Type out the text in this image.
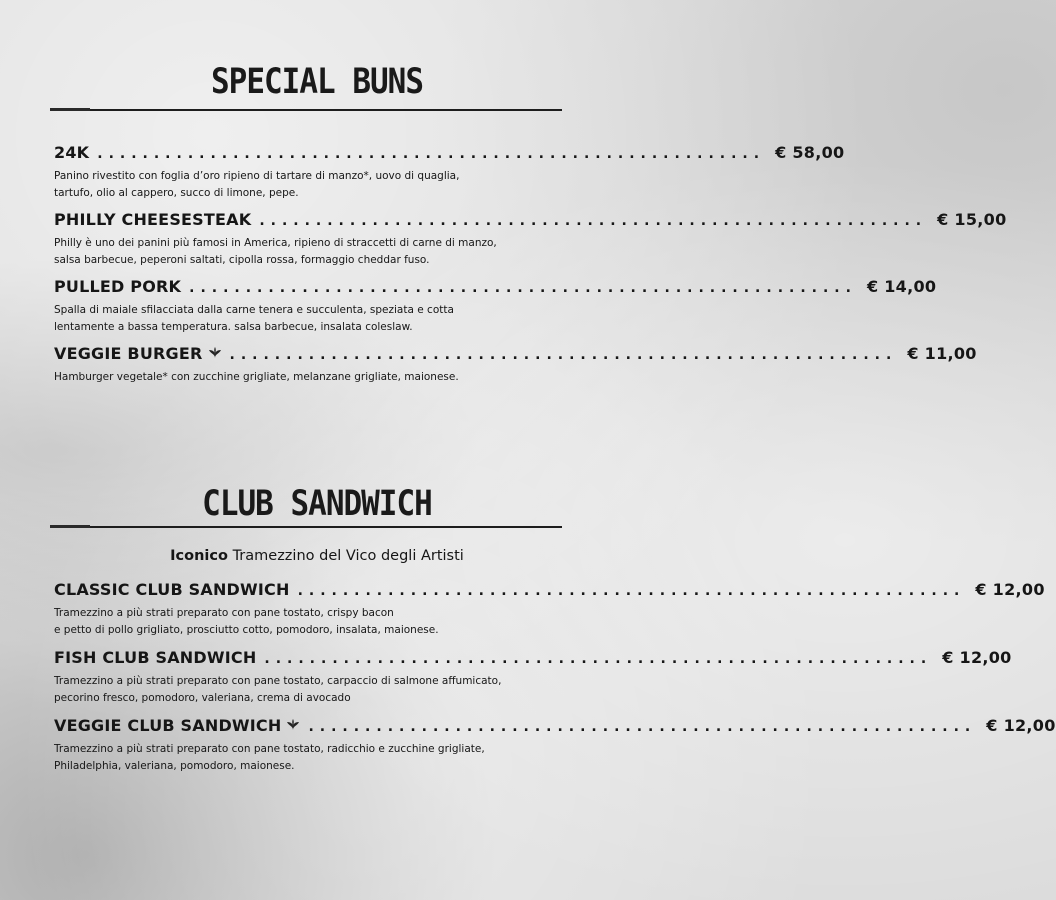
SPECIAL BUNS
24K ........................................................... € 58,00
Panino rivestito con foglia d’oro ripieno di tartare di manzo*, uovo di quaglia,
tartufo, olio al cappero, succo di limone, pepe.
PHILLY CHEESESTEAK ........................................................... € 15,00
Philly è uno dei panini più famosi in America, ripieno di straccetti di carne di manzo,
salsa barbecue, peperoni saltati, cipolla rossa, formaggio cheddar fuso.
PULLED PORK ........................................................... € 14,00
Spalla di maiale sfilacciata dalla carne tenera e succulenta, speziata e cotta
lentamente a bassa temperatura. salsa barbecue, insalata coleslaw.
VEGGIE BURGER ........................................................... € 11,00
Hamburger vegetale* con zucchine grigliate, melanzane grigliate, maionese.
CLUB SANDWICH
Iconico Tramezzino del Vico degli Artisti
CLASSIC CLUB SANDWICH ........................................................... € 12,00
Tramezzino a più strati preparato con pane tostato, crispy bacon
e petto di pollo grigliato, prosciutto cotto, pomodoro, insalata, maionese.
FISH CLUB SANDWICH ........................................................... € 12,00
Tramezzino a più strati preparato con pane tostato, carpaccio di salmone affumicato,
pecorino fresco, pomodoro, valeriana, crema di avocado
VEGGIE CLUB SANDWICH ........................................................... € 12,00
Tramezzino a più strati preparato con pane tostato, radicchio e zucchine grigliate,
Philadelphia, valeriana, pomodoro, maionese.
